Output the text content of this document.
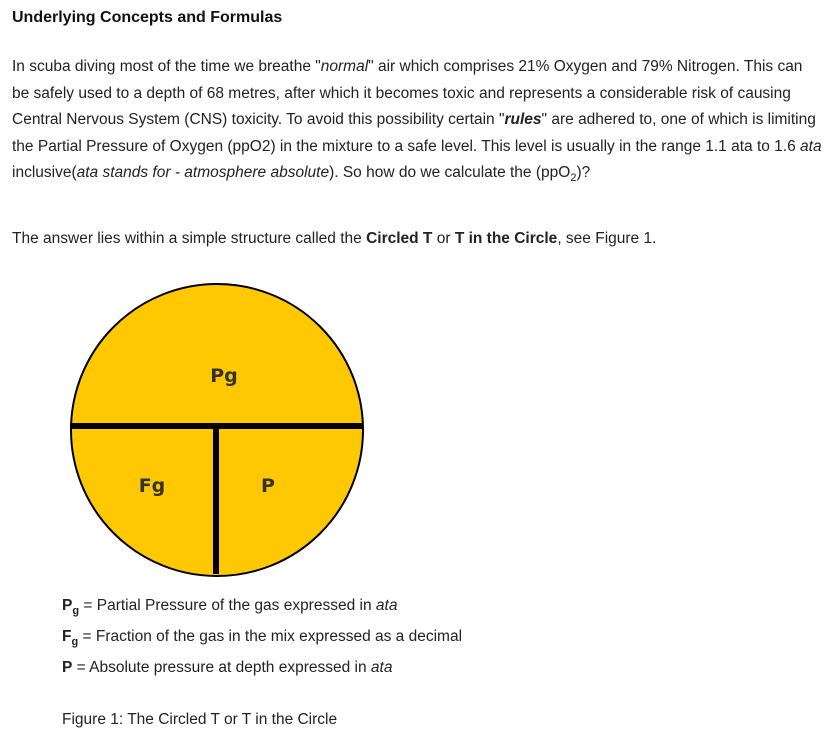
Underlying Concepts and Formulas

In scuba diving most of the time we breathe "normal" air which comprises 21% Oxygen and 79% Nitrogen. This can be safely used to a depth of 68 metres, after which it becomes toxic and represents a considerable risk of causing Central Nervous System (CNS) toxicity. To avoid this possibility certain "rules" are adhered to, one of which is limiting the Partial Pressure of Oxygen (ppO2) in the mixture to a safe level. This level is usually in the range 1.1 ata to 1.6 ata inclusive(ata stands for - atmosphere absolute). So how do we calculate the (ppO$_2$)?

The answer lies within a simple structure called the Circled T or T in the Circle, see Figure 1.

Pg
Fg	P
$P_g$ = Partial Pressure of the gas expressed in ata
$F_g$ = Fraction of the gas in the mix expressed as a decimal
P = Absolute pressure at depth expressed in ata

Figure 1: The Circled T or T in the Circle
